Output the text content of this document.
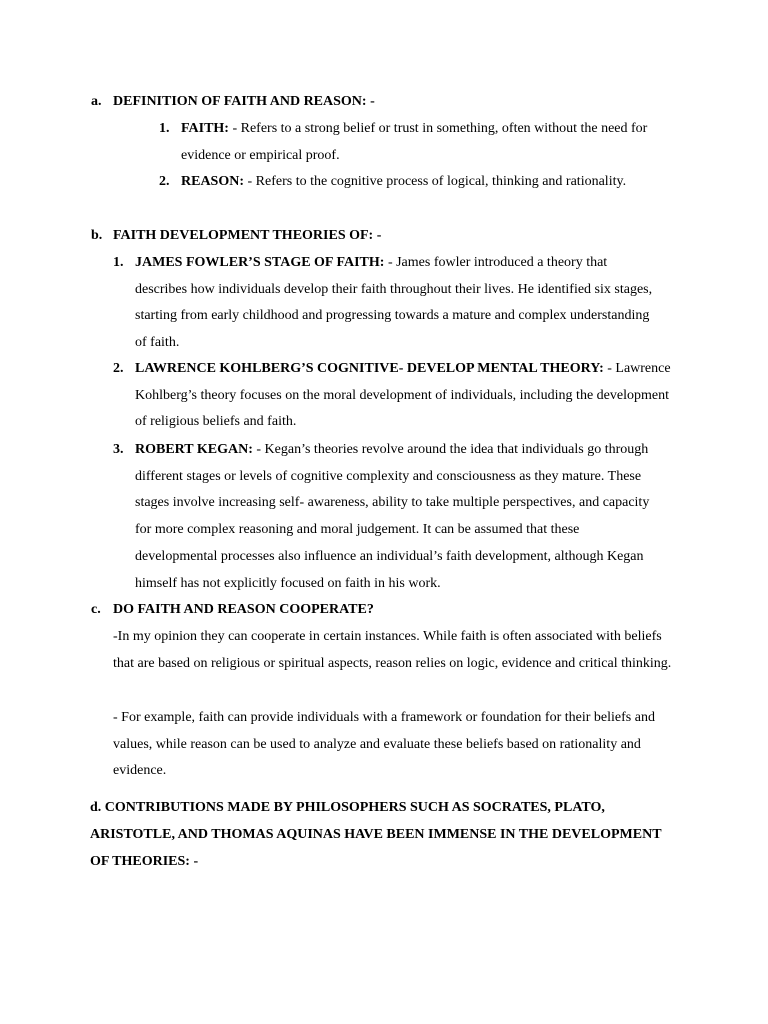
a. DEFINITION OF FAITH AND REASON: -
1. FAITH: - Refers to a strong belief or trust in something, often without the need for evidence or empirical proof.
2. REASON: - Refers to the cognitive process of logical, thinking and rationality.
b. FAITH DEVELOPMENT THEORIES OF: -
1. JAMES FOWLER’S STAGE OF FAITH: - James fowler introduced a theory that describes how individuals develop their faith throughout their lives. He identified six stages, starting from early childhood and progressing towards a mature and complex understanding of faith.
2. LAWRENCE KOHLBERG’S COGNITIVE- DEVELOP MENTAL THEORY: - Lawrence Kohlberg’s theory focuses on the moral development of individuals, including the development of religious beliefs and faith.
3. ROBERT KEGAN: - Kegan’s theories revolve around the idea that individuals go through different stages or levels of cognitive complexity and consciousness as they mature. These stages involve increasing self- awareness, ability to take multiple perspectives, and capacity for more complex reasoning and moral judgement. It can be assumed that these developmental processes also influence an individual’s faith development, although Kegan himself has not explicitly focused on faith in his work.
c. DO FAITH AND REASON COOPERATE?
-In my opinion they can cooperate in certain instances. While faith is often associated with beliefs that are based on religious or spiritual aspects, reason relies on logic, evidence and critical thinking.
- For example, faith can provide individuals with a framework or foundation for their beliefs and values, while reason can be used to analyze and evaluate these beliefs based on rationality and evidence.
d. CONTRIBUTIONS MADE BY PHILOSOPHERS SUCH AS SOCRATES, PLATO, ARISTOTLE, AND THOMAS AQUINAS HAVE BEEN IMMENSE IN THE DEVELOPMENT OF THEORIES: -
